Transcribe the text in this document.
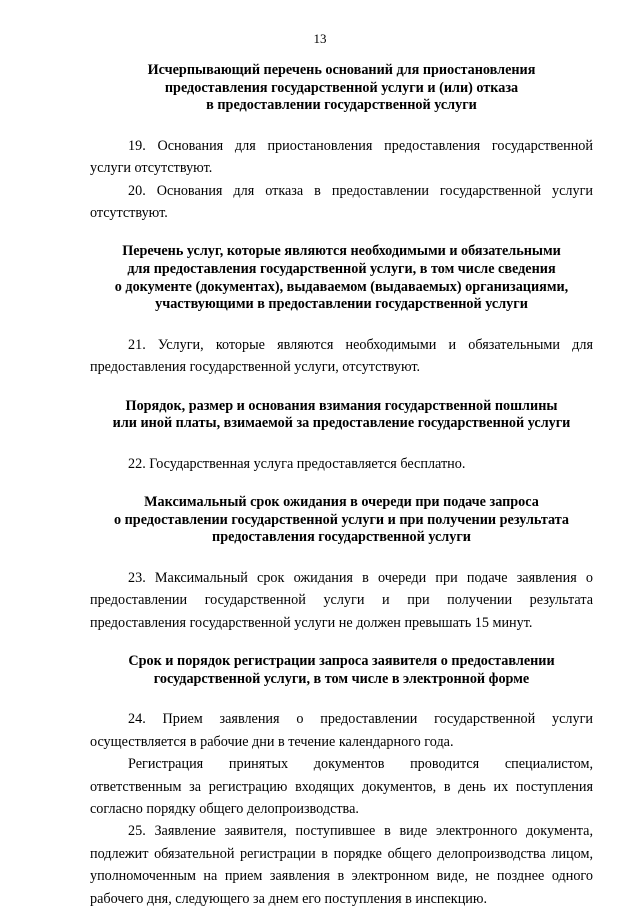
13
Исчерпывающий перечень оснований для приостановления
предоставления государственной услуги и (или) отказа
в предоставлении государственной услуги

19. Основания для приостановления предоставления государственной услуги отсутствуют.

20. Основания для отказа в предоставлении государственной услуги отсутствуют.

Перечень услуг, которые являются необходимыми и обязательными
для предоставления государственной услуги, в том числе сведения
о документе (документах), выдаваемом (выдаваемых) организациями,
участвующими в предоставлении государственной услуги

21. Услуги, которые являются необходимыми и обязательными для предоставления государственной услуги, отсутствуют.

Порядок, размер и основания взимания государственной пошлины
или иной платы, взимаемой за предоставление государственной услуги

22. Государственная услуга предоставляется бесплатно.

Максимальный срок ожидания в очереди при подаче запроса
о предоставлении государственной услуги и при получении результата
предоставления государственной услуги

23. Максимальный срок ожидания в очереди при подаче заявления о предоставлении государственной услуги и при получении результата предоставления государственной услуги не должен превышать 15 минут.

Срок и порядок регистрации запроса заявителя о предоставлении
государственной услуги, в том числе в электронной форме

24. Прием заявления о предоставлении государственной услуги осуществляется в рабочие дни в течение календарного года.

Регистрация принятых документов проводится специалистом, ответственным за регистрацию входящих документов, в день их поступления согласно порядку общего делопроизводства.

25. Заявление заявителя, поступившее в виде электронного документа, подлежит обязательной регистрации в порядке общего делопроизводства лицом, уполномоченным на прием заявления в электронном виде, не позднее одного рабочего дня, следующего за днем его поступления в инспекцию.
